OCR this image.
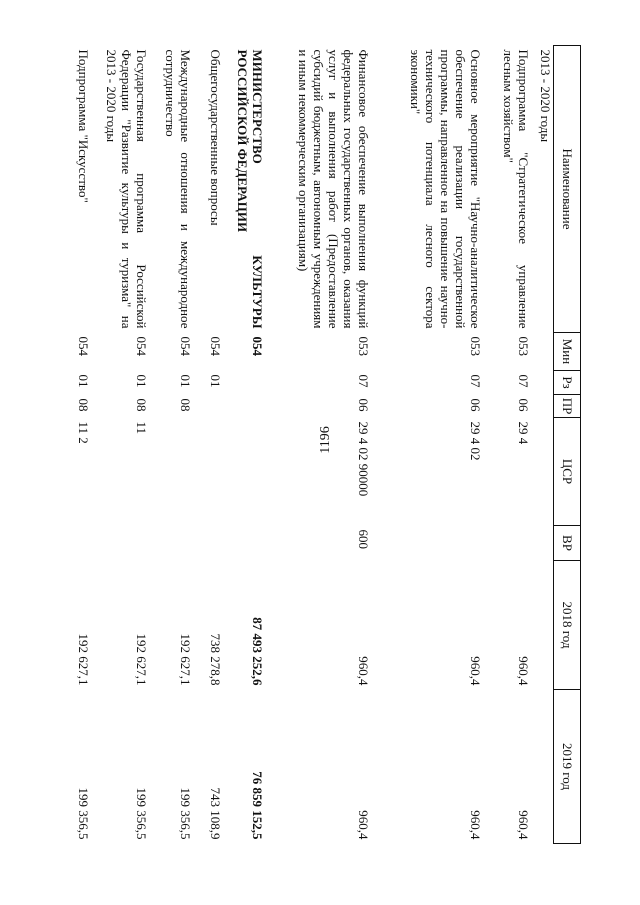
1196
Наименование	Мин	Рз	ПР	ЦСР	ВР	2018 год	2019 год
2013 - 2020 годы							
Подпрограмма "Стратегическое управление лесным хозяйством"	053	07	06	29 4		960,4	960,4
Основное мероприятие "Научно-аналитическое обеспечение реализации государственной программы, направленное на повышение научно-технического потенциала лесного сектора экономики"	053	07	06	29 4 02		960,4	960,4
Финансовое обеспечение выполнения функций федеральных государственных органов, оказания услуг и выполнения работ (Предоставление субсидий бюджетным, автономным учреждениям и иным некоммерческим организациям)	053	07	06	29 4 02 90000	600	960,4	960,4
МИНИСТЕРСТВО КУЛЬТУРЫ РОССИЙСКОЙ ФЕДЕРАЦИИ	054					87 493 252,6	76 859 152,5
Общегосударственные вопросы	054	01				738 278,8	743 108,9
Международные отношения и международное сотрудничество	054	01	08			192 627,1	199 356,5
Государственная программа Российской Федерации "Развитие культуры и туризма" на 2013 - 2020 годы	054	01	08	11		192 627,1	199 356,5
Подпрограмма "Искусство"	054	01	08	11 2		192 627,1	199 356,5
